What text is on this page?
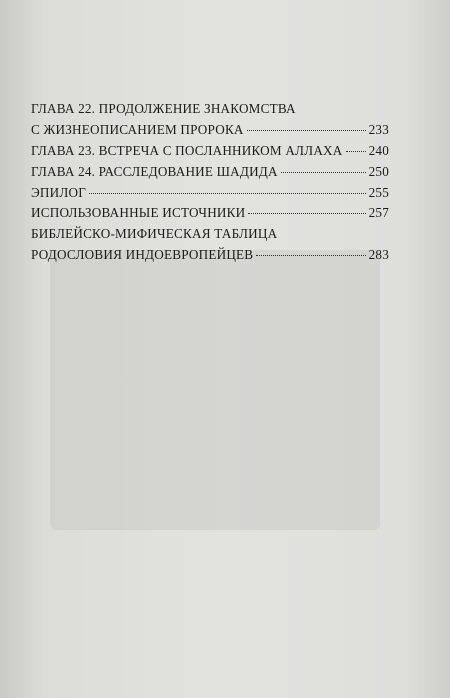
ГЛАВА 22. ПРОДОЛЖЕНИЕ ЗНАКОМСТВА
С ЖИЗНЕОПИСАНИЕМ ПРОРОКА	233
ГЛАВА 23. ВСТРЕЧА С ПОСЛАННИКОМ АЛЛАХА 240
ГЛАВА 24. РАССЛЕДОВАНИЕ ШАДИДА	250
ЭПИЛОГ	255
ИСПОЛЬЗОВАННЫЕ ИСТОЧНИКИ	257
БИБЛЕЙСКО-МИФИЧЕСКАЯ ТАБЛИЦА
РОДОСЛОВИЯ ИНДОЕВРОПЕЙЦЕВ	283
